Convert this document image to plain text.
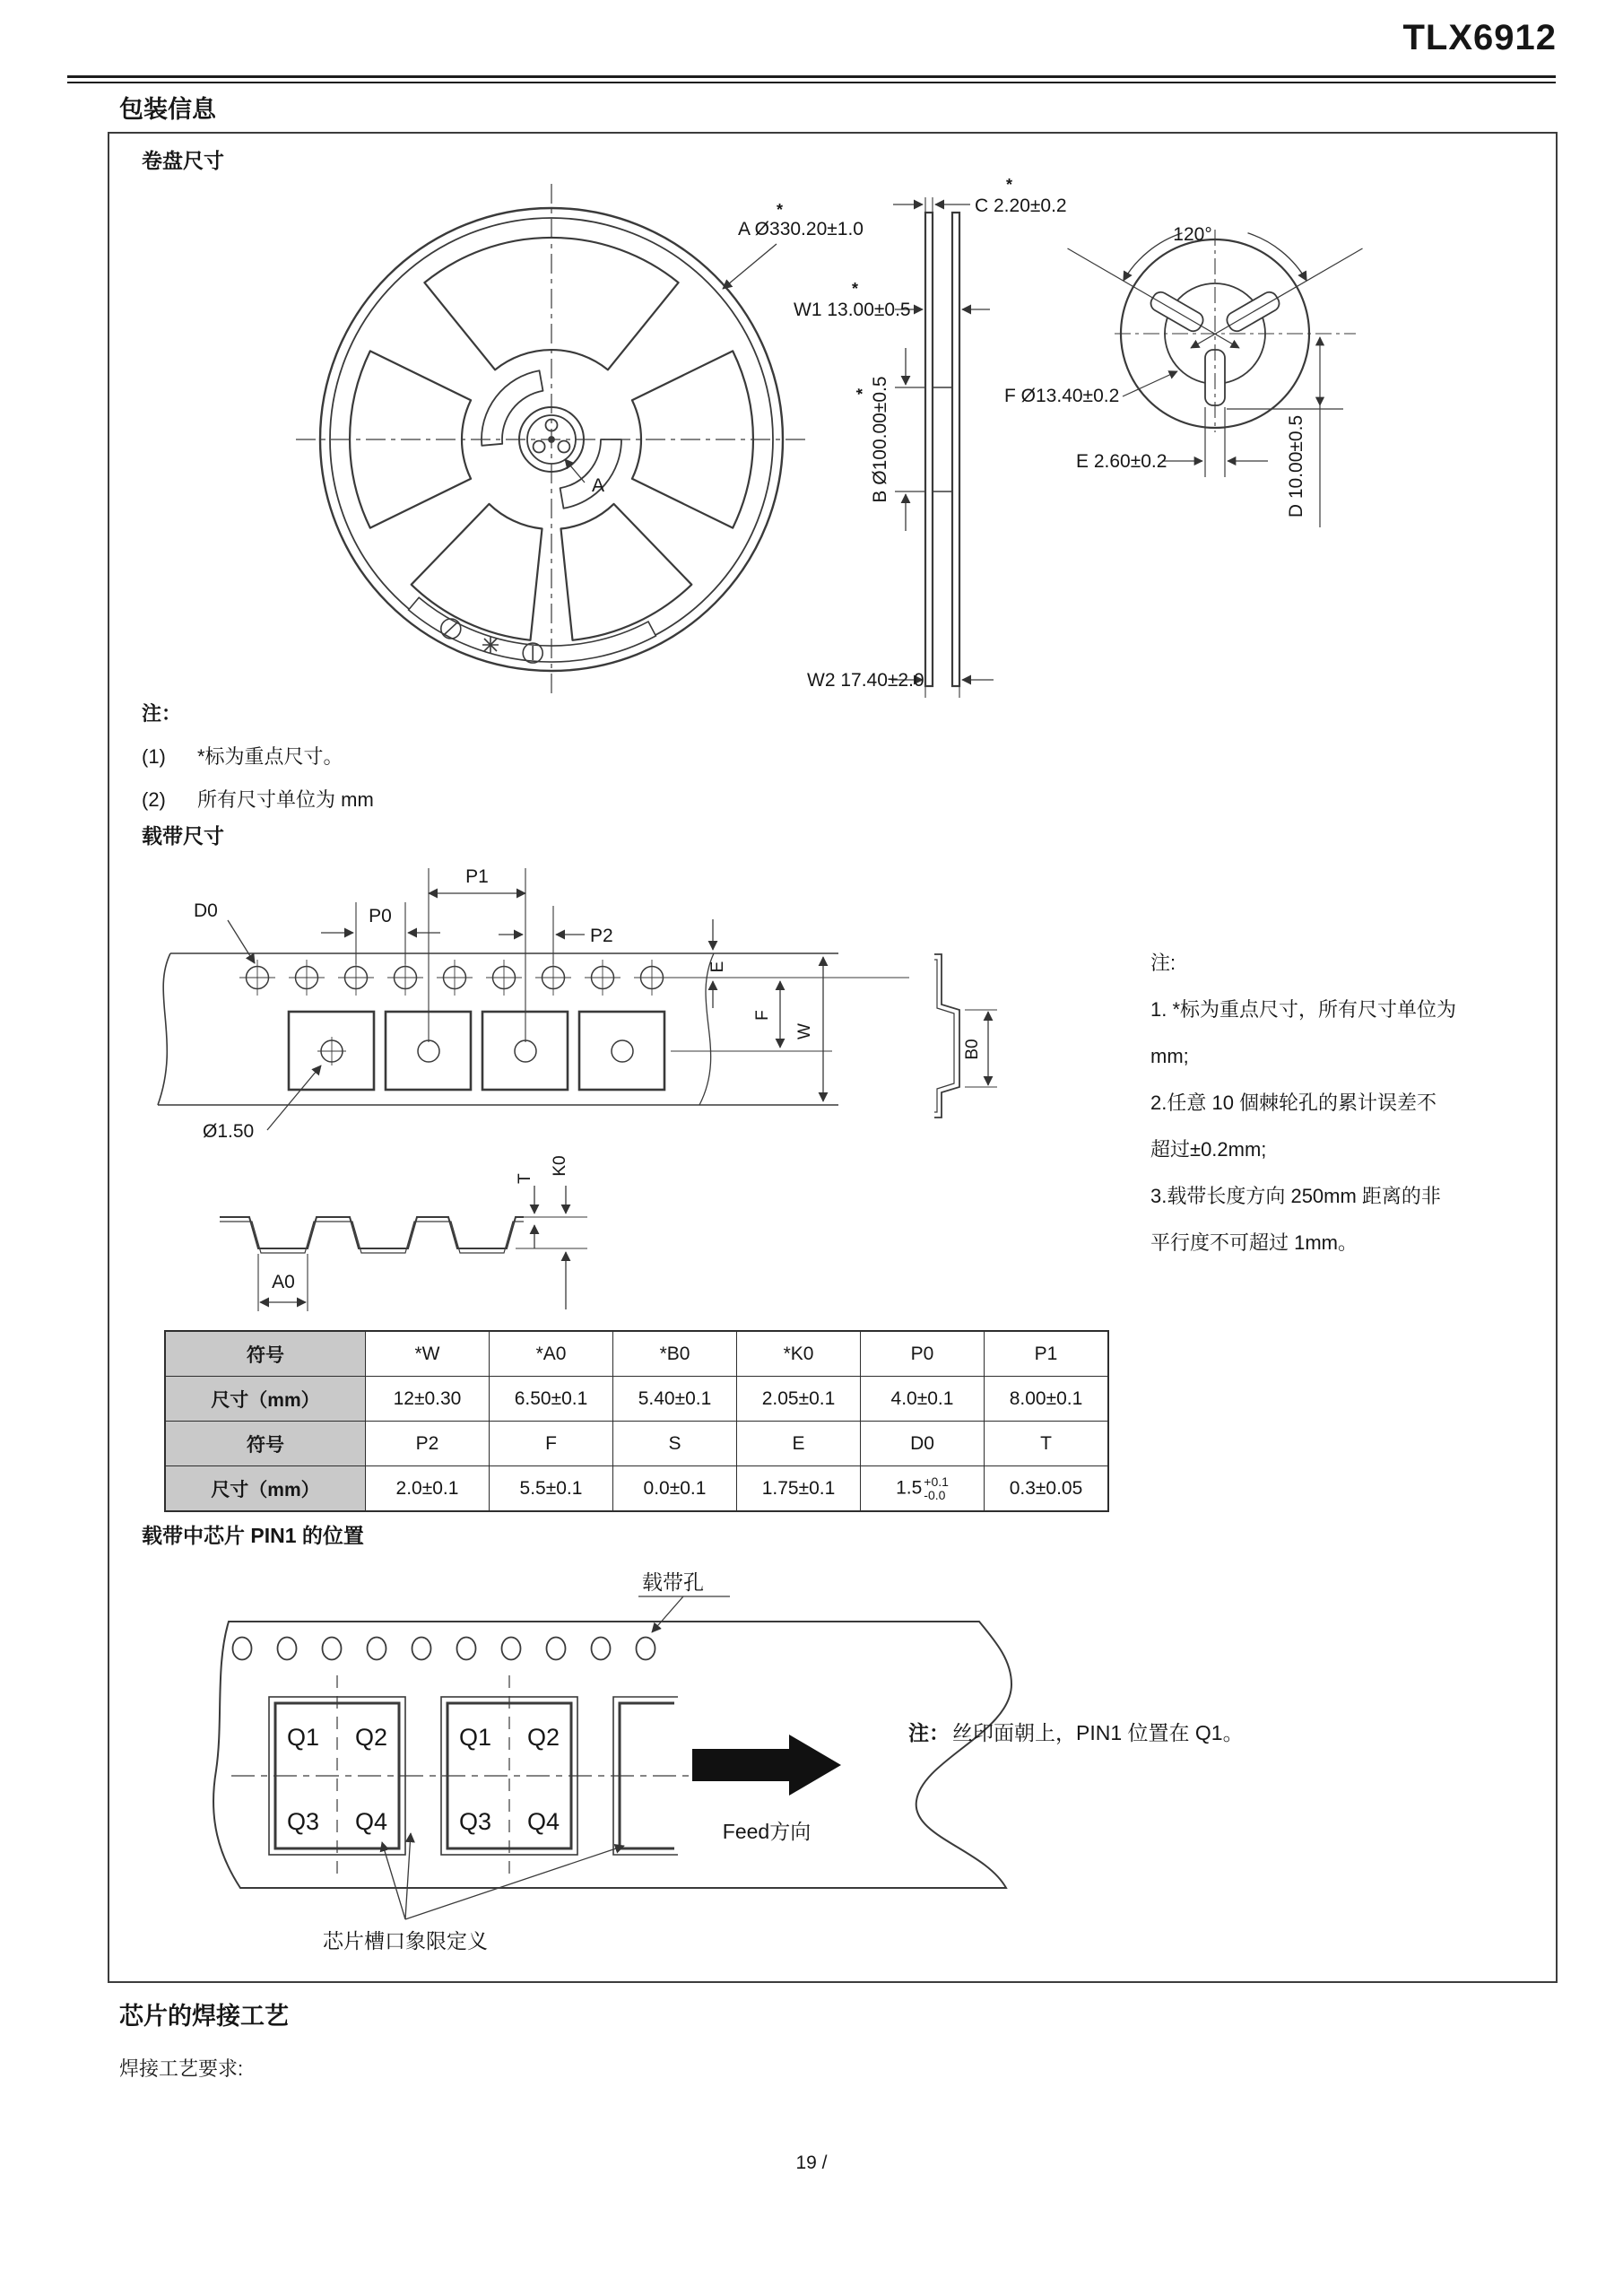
TLX6912
包装信息
卷盘尺寸
注：
(1) *标为重点尺寸。
(2) 所有尺寸单位为 mm
载带尺寸
注:
1. *标为重点尺寸，所有尺寸单位为
mm;
2.任意 10 個棘轮孔的累计误差不
超过±0.2mm;
3.载带长度方向 250mm 距离的非
平行度不可超过 1mm。
符号	*W	*A0	*B0	*K0	P0	P1
尺寸（mm）	12±0.30	6.50±0.1	5.40±0.1	2.05±0.1	4.0±0.1	8.00±0.1
符号	P2	F	S	E	D0	T
尺寸（mm）	2.0±0.1	5.5±0.1	0.0±0.1	1.75±0.1	1.5 +0.1
-0.0	0.3±0.05
载带中芯片 PIN1 的位置
芯片的焊接工艺
焊接工艺要求:
19 /
A Ø330.20±1.0
*
A
C 2.20±0.2
*
W1 13.00±0.5
*
B Ø100.00±0.5
*
W2 17.40±2.0
120°
F Ø13.40±0.2
E 2.60±0.2	D 10.00±0.5
D0	P0
P1
P2
Ø1.50
E
F
W
B0
A0
T
K0
载带孔
Q1 Q2
Q3 Q4
Q1 Q2
Q3 Q4	Feed方向
注： 丝印面朝上，PIN1 位置在 Q1。
芯片槽口象限定义
